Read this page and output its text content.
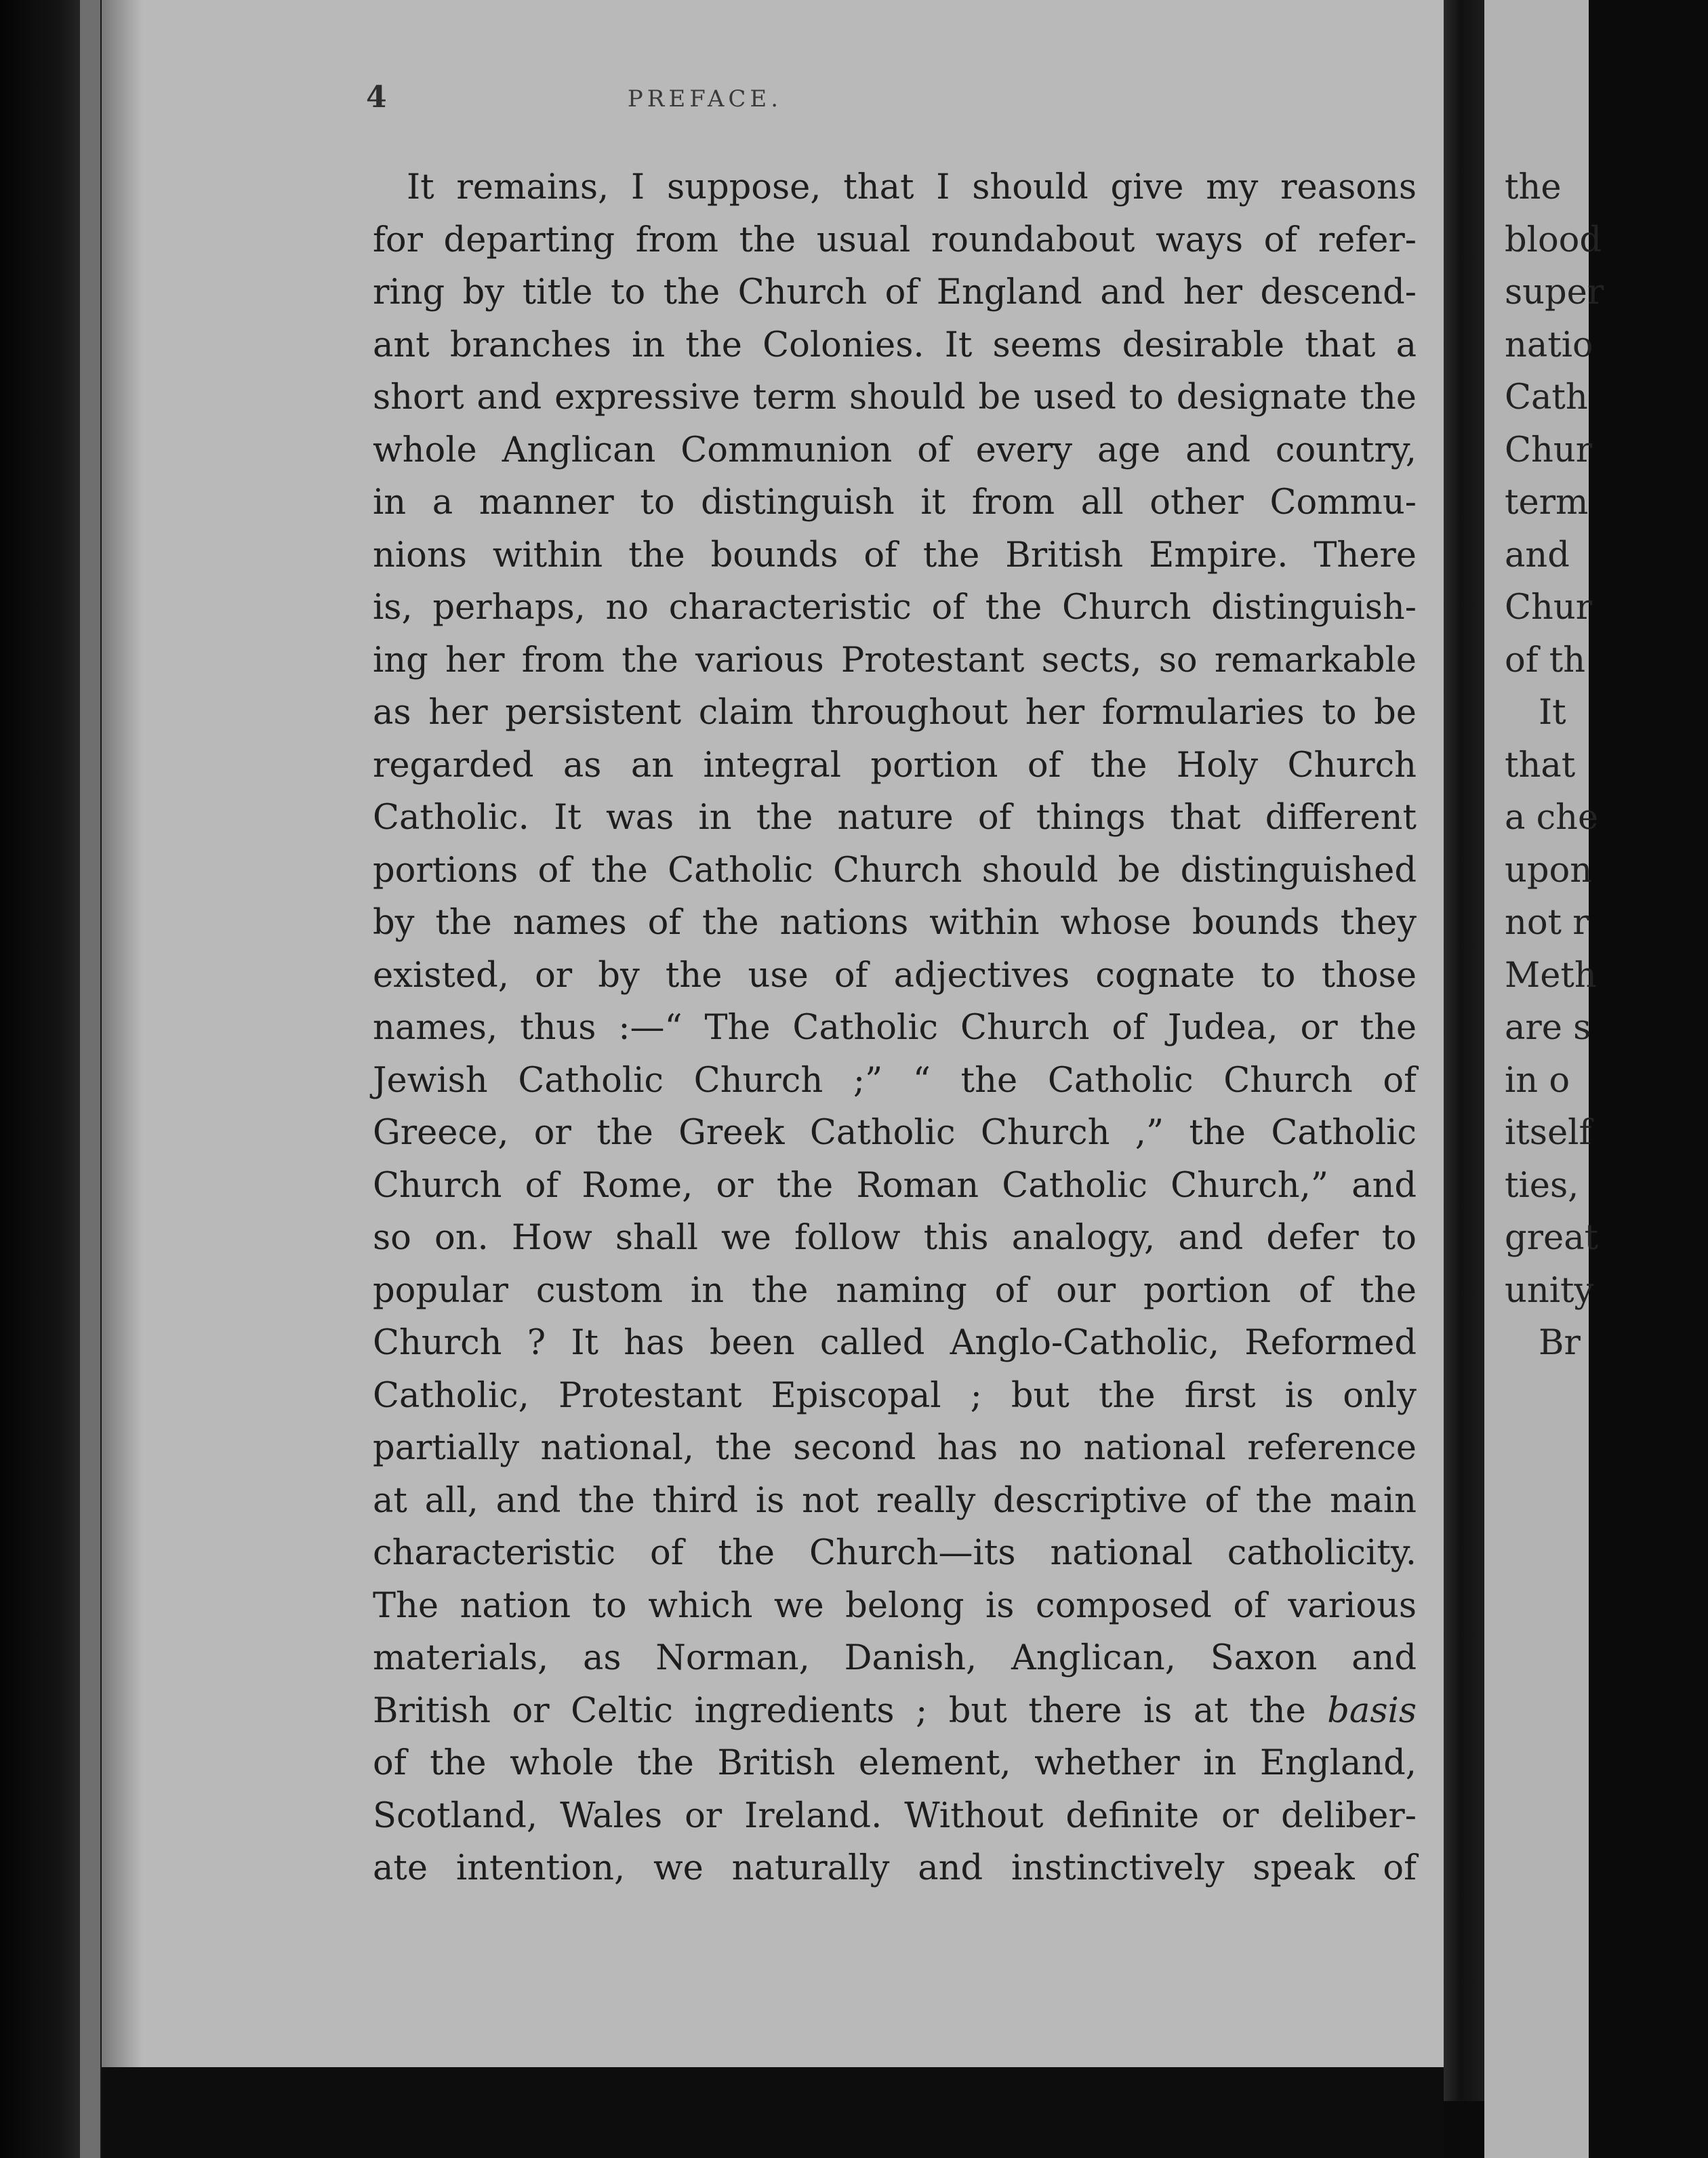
4	PREFACE.
It remains, I suppose, that I should give my reasons
for departing from the usual roundabout ways of refer-
ring by title to the Church of England and her descend-
ant branches in the Colonies. It seems desirable that a
short and expressive term should be used to designate the
whole Anglican Communion of every age and country,
in a manner to distinguish it from all other Commu-
nions within the bounds of the British Empire. There
is, perhaps, no characteristic of the Church distinguish-
ing her from the various Protestant sects, so remarkable
as her persistent claim throughout her formularies to be
regarded as an integral portion of the Holy Church
Catholic. It was in the nature of things that different
portions of the Catholic Church should be distinguished
by the names of the nations within whose bounds they
existed, or by the use of adjectives cognate to those
names, thus :—“ The Catholic Church of Judea, or the
Jewish Catholic Church ;” “ the Catholic Church of
Greece, or the Greek Catholic Church ,” the Catholic
Church of Rome, or the Roman Catholic Church,” and
so on. How shall we follow this analogy, and defer to
popular custom in the naming of our portion of the
Church ? It has been called Anglo-Catholic, Reformed
Catholic, Protestant Episcopal ; but the first is only
partially national, the second has no national reference
at all, and the third is not really descriptive of the main
characteristic of the Church—its national catholicity.
The nation to which we belong is composed of various
materials, as Norman, Danish, Anglican, Saxon and
British or Celtic ingredients ; but there is at the basis
of the whole the British element, whether in England,
Scotland, Wales or Ireland. Without definite or deliber-
ate intention, we naturally and instinctively speak of
the
blood
super
natio
Cath
Chur
term
and
Chur
of th
It
that
a che
upon
not r
Meth
are s
in o
itself
ties,
great
unity
Br
